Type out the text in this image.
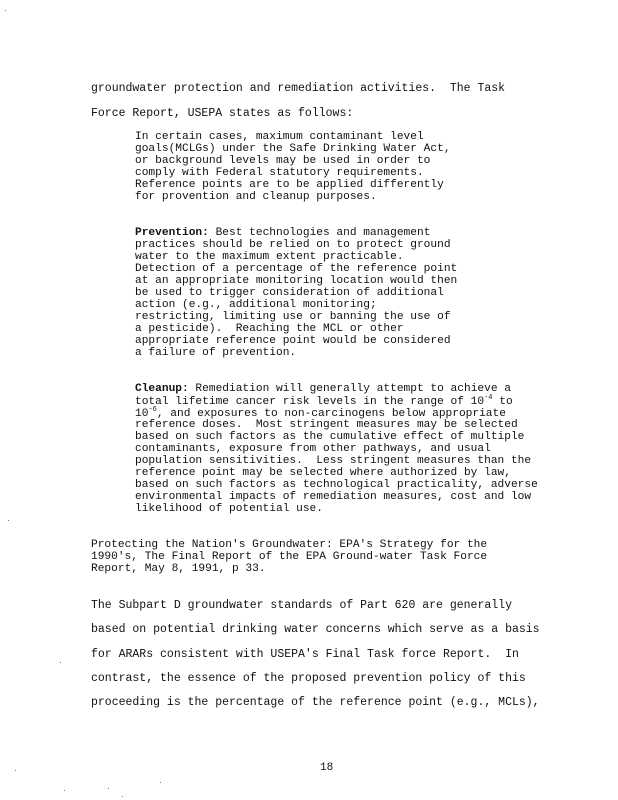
groundwater protection and remediation activities.  The Task
Force Report, USEPA states as follows:
In certain cases, maximum contaminant level
goals(MCLGs) under the Safe Drinking Water Act,
or background levels may be used in order to
comply with Federal statutory requirements.
Reference points are to be applied differently
for provention and cleanup purposes.
Prevention: Best technologies and management
practices should be relied on to protect ground
water to the maximum extent practicable.
Detection of a percentage of the reference point
at an appropriate monitoring location would then
be used to trigger consideration of additional
action (e.g., additional monitoring;
restricting, limiting use or banning the use of
a pesticide).  Reaching the MCL or other
appropriate reference point would be considered
a failure of prevention.
Cleanup: Remediation will generally attempt to achieve a
total lifetime cancer risk levels in the range of $10^{-4}$ to
$10^{-6}$, and exposures to non-carcinogens below appropriate
reference doses.  Most stringent measures may be selected
based on such factors as the cumulative effect of multiple
contaminants, exposure from other pathways, and usual
population sensitivities.  Less stringent measures than the
reference point may be selected where authorized by law,
based on such factors as technological practicality, adverse
environmental impacts of remediation measures, cost and low
likelihood of potential use.
Protecting the Nation's Groundwater: EPA's Strategy for the
1990's, The Final Report of the EPA Ground-water Task Force
Report, May 8, 1991, p 33.
The Subpart D groundwater standards of Part 620 are generally
based on potential drinking water concerns which serve as a basis
for ARARs consistent with USEPA's Final Task force Report.  In
contrast, the essence of the proposed prevention policy of this
proceeding is the percentage of the reference point (e.g., MCLs),
18
